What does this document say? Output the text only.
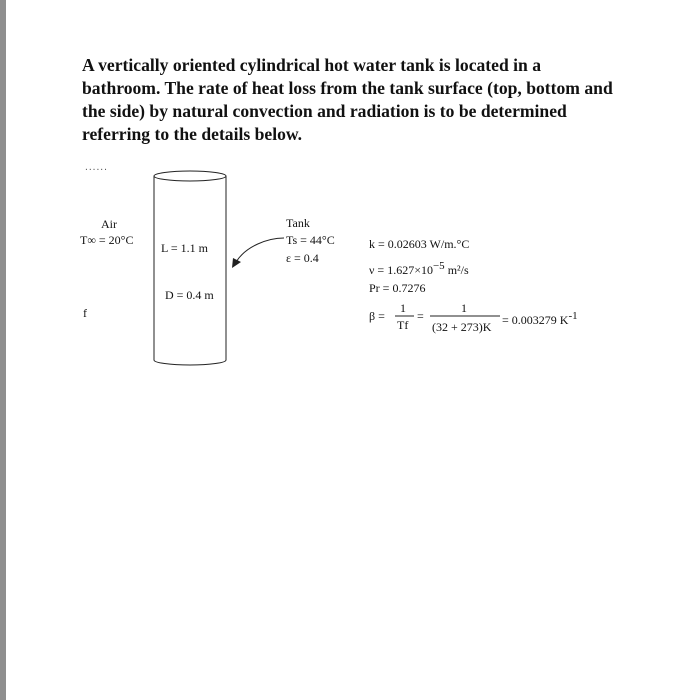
A vertically oriented cylindrical hot water tank is located in a bathroom. The rate of heat loss from the tank surface (top, bottom and the side) by natural convection and radiation is to be determined referring to the details below.

......
Air
T∞ = 20°C
L = 1.1 m
D = 0.4 m
Tank
Ts = 44°C
ε = 0.4
f
k = 0.02603 W/m.°C
$\nu = 1.627\times 10^{-5}$ m²/s
Pr = 0.7276
β =
1
Tf
=
1
(32 + 273)K = 0.003279 $K^{-1}$
